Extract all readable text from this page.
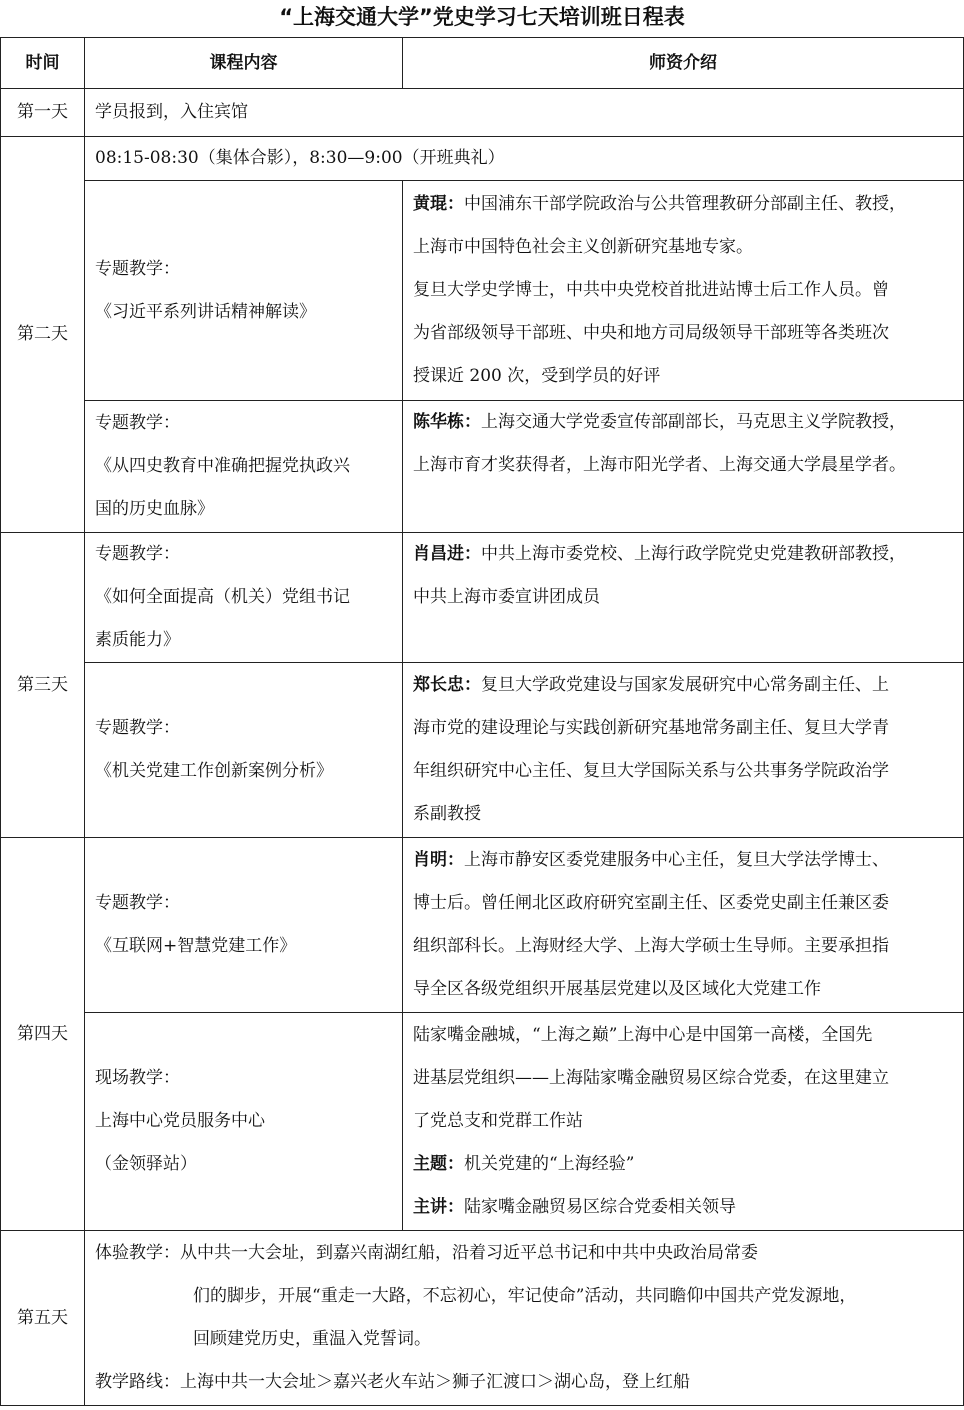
“上海交通大学”党史学习七天培训班日程表
时间	课程内容	师资介绍
第一天	学员报到，入住宾馆	
第二天	08:15-08:30（集体合影），8:30—9:00（开班典礼）	

	专题教学：
《习近平系列讲话精神解读》	黄琨：中国浦东干部学院政治与公共管理教研分部副主任、教授，
上海市中国特色社会主义创新研究基地专家。
复旦大学史学博士，中共中央党校首批进站博士后工作人员。曾
为省部级领导干部班、中央和地方司局级领导干部班等各类班次
授课近 200 次，受到学员的好评

	专题教学：
《从四史教育中准确把握党执政兴
国的历史血脉》	陈华栋：上海交通大学党委宣传部副部长，马克思主义学院教授，
上海市育才奖获得者，上海市阳光学者、上海交通大学晨星学者。

第三天	专题教学：
《如何全面提高（机关）党组书记
素质能力》	肖昌进：中共上海市委党校、上海行政学院党史党建教研部教授，
中共上海市委宣讲团成员

	专题教学：
《机关党建工作创新案例分析》	郑长忠：复旦大学政党建设与国家发展研究中心常务副主任、上
海市党的建设理论与实践创新研究基地常务副主任、复旦大学青
年组织研究中心主任、复旦大学国际关系与公共事务学院政治学
系副教授

第四天	专题教学：
《互联网+智慧党建工作》	肖明：上海市静安区委党建服务中心主任，复旦大学法学博士、
博士后。曾任闸北区政府研究室副主任、区委党史副主任兼区委
组织部科长。上海财经大学、上海大学硕士生导师。主要承担指
导全区各级党组织开展基层党建以及区域化大党建工作

	现场教学：
上海中心党员服务中心
（金领驿站）	陆家嘴金融城，“上海之巅”上海中心是中国第一高楼，全国先
进基层党组织——上海陆家嘴金融贸易区综合党委，在这里建立
了党总支和党群工作站
主题：机关党建的“上海经验”
主讲：陆家嘴金融贸易区综合党委相关领导

第五天	体验教学：从中共一大会址，到嘉兴南湖红船，沿着习近平总书记和中共中央政治局常委
们的脚步，开展“重走一大路，不忘初心，牢记使命”活动，共同瞻仰中国共产党发源地，
回顾建党历史，重温入党誓词。
教学路线：上海中共一大会址＞嘉兴老火车站＞狮子汇渡口＞湖心岛，登上红船	
